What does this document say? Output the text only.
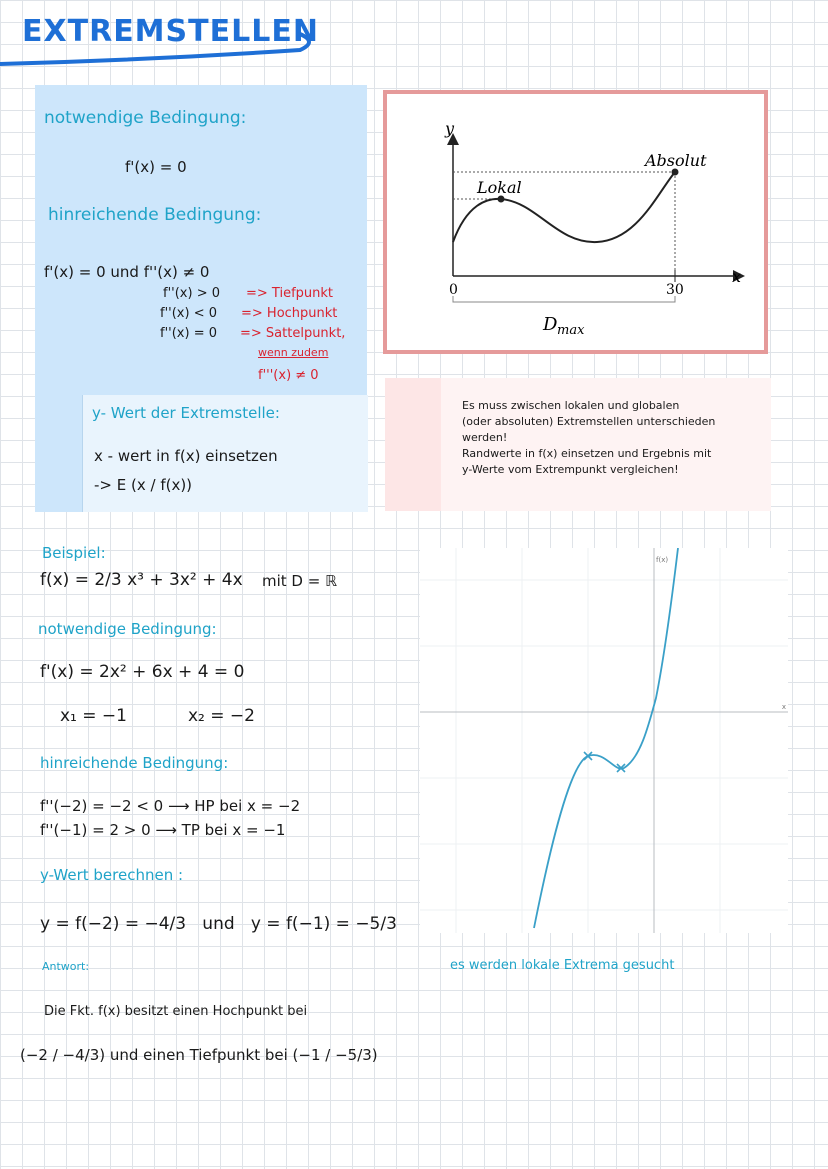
EXTREMSTELLEN
notwendige Bedingung:
f'(x) = 0
hinreichende Bedingung:
f'(x) = 0 und f''(x) ≠ 0
f''(x) > 0 => Tiefpunkt
f''(x) < 0 => Hochpunkt
f''(x) = 0 => Sattelpunkt,
wenn zudem
f'''(x) ≠ 0
y- Wert der Extremstelle:
x - wert in f(x) einsetzen
-> E (x / f(x))
y
x
Lokal
Absolut
0	30
D max
Es muss zwischen lokalen und globalen
(oder absoluten) Extremstellen unterschieden
werden!
Randwerte in f(x) einsetzen und Ergebnis mit
y-Werte vom Extrempunkt vergleichen!
Beispiel:
f(x) = 2/3 x³ + 3x² + 4x mit D = ℝ
notwendige Bedingung:
f'(x) = 2x² + 6x + 4 = 0
x₁ = −1	x₂ = −2
hinreichende Bedingung:
f''(−2) = −2 < 0 ⟶ HP bei x = −2
f''(−1) = 2 > 0 ⟶ TP bei x = −1
y-Wert berechnen :
y = f(−2) = −4/3   und   y = f(−1) = −5/3
Antwort:
Die Fkt. f(x) besitzt einen Hochpunkt bei
(−2 / −4/3) und einen Tiefpunkt bei (−1 / −5/3)
f(x)
x
es werden lokale Extrema gesucht
